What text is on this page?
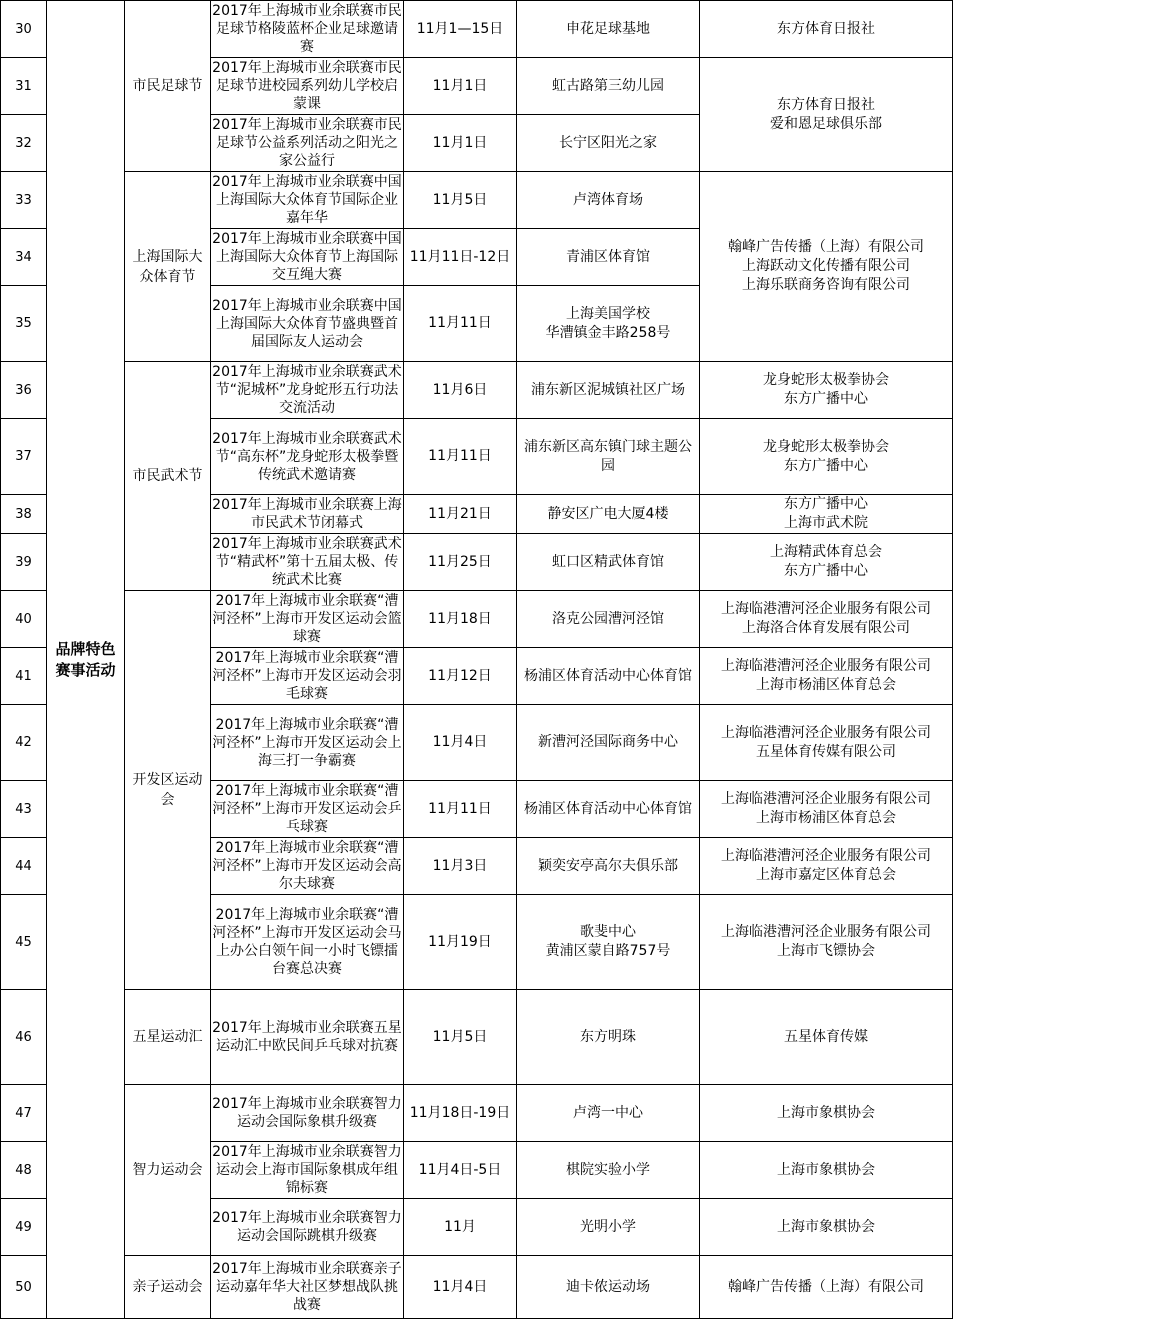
30	品牌特色赛事活动	市民足球节	2017年上海城市业余联赛市民足球节格陵蓝杯企业足球邀请赛	11月1—15日	申花足球基地	东方体育日报社
31			2017年上海城市业余联赛市民足球节进校园系列幼儿学校启蒙课	11月1日	虹古路第三幼儿园	东方体育日报社
爱和恩足球俱乐部

32			2017年上海城市业余联赛市民足球节公益系列活动之阳光之家公益行	11月1日	长宁区阳光之家	
33		上海国际大众体育节	2017年上海城市业余联赛中国上海国际大众体育节国际企业嘉年华	11月5日	卢湾体育场	翰峰广告传播（上海）有限公司
上海跃动文化传播有限公司
上海乐联商务咨询有限公司

34			2017年上海城市业余联赛中国上海国际大众体育节上海国际交互绳大赛	11月11日-12日	青浦区体育馆	
35			2017年上海城市业余联赛中国上海国际大众体育节盛典暨首届国际友人运动会	11月11日	上海美国学校
华漕镇金丰路258号	

36		市民武术节	2017年上海城市业余联赛武术节“泥城杯”龙身蛇形五行功法交流活动	11月6日	浦东新区泥城镇社区广场	龙身蛇形太极拳协会
东方广播中心

37			2017年上海城市业余联赛武术节“高东杯”龙身蛇形太极拳暨传统武术邀请赛	11月11日	浦东新区高东镇门球主题公园	龙身蛇形太极拳协会
东方广播中心

38			2017年上海城市业余联赛上海市民武术节闭幕式	11月21日	静安区广电大厦4楼	东方广播中心
上海市武术院

39			2017年上海城市业余联赛武术节“精武杯”第十五届太极、传统武术比赛	11月25日	虹口区精武体育馆	上海精武体育总会
东方广播中心

40		开发区运动会	2017年上海城市业余联赛“漕河泾杯”上海市开发区运动会篮球赛	11月18日	洛克公园漕河泾馆	上海临港漕河泾企业服务有限公司
上海洛合体育发展有限公司

41			2017年上海城市业余联赛“漕河泾杯”上海市开发区运动会羽毛球赛	11月12日	杨浦区体育活动中心体育馆	上海临港漕河泾企业服务有限公司
上海市杨浦区体育总会

42			2017年上海城市业余联赛“漕河泾杯”上海市开发区运动会上海三打一争霸赛	11月4日	新漕河泾国际商务中心	上海临港漕河泾企业服务有限公司
五星体育传媒有限公司

43			2017年上海城市业余联赛“漕河泾杯”上海市开发区运动会乒乓球赛	11月11日	杨浦区体育活动中心体育馆	上海临港漕河泾企业服务有限公司
上海市杨浦区体育总会

44			2017年上海城市业余联赛“漕河泾杯”上海市开发区运动会高尔夫球赛	11月3日	颖奕安亭高尔夫俱乐部	上海临港漕河泾企业服务有限公司
上海市嘉定区体育总会

45			2017年上海城市业余联赛“漕河泾杯”上海市开发区运动会马上办公白领午间一小时飞镖擂台赛总决赛	11月19日	歌斐中心
黄浦区蒙自路757号	上海临港漕河泾企业服务有限公司
上海市飞镖协会

46		五星运动汇	2017年上海城市业余联赛五星运动汇中欧民间乒乓球对抗赛	11月5日	东方明珠	五星体育传媒
47		智力运动会	2017年上海城市业余联赛智力运动会国际象棋升级赛	11月18日-19日	卢湾一中心	上海市象棋协会
48			2017年上海城市业余联赛智力运动会上海市国际象棋成年组锦标赛	11月4日-5日	棋院实验小学	上海市象棋协会
49			2017年上海城市业余联赛智力运动会国际跳棋升级赛	11月	光明小学	上海市象棋协会
50		亲子运动会	2017年上海城市业余联赛亲子运动嘉年华大社区梦想战队挑战赛	11月4日	迪卡侬运动场	翰峰广告传播（上海）有限公司
